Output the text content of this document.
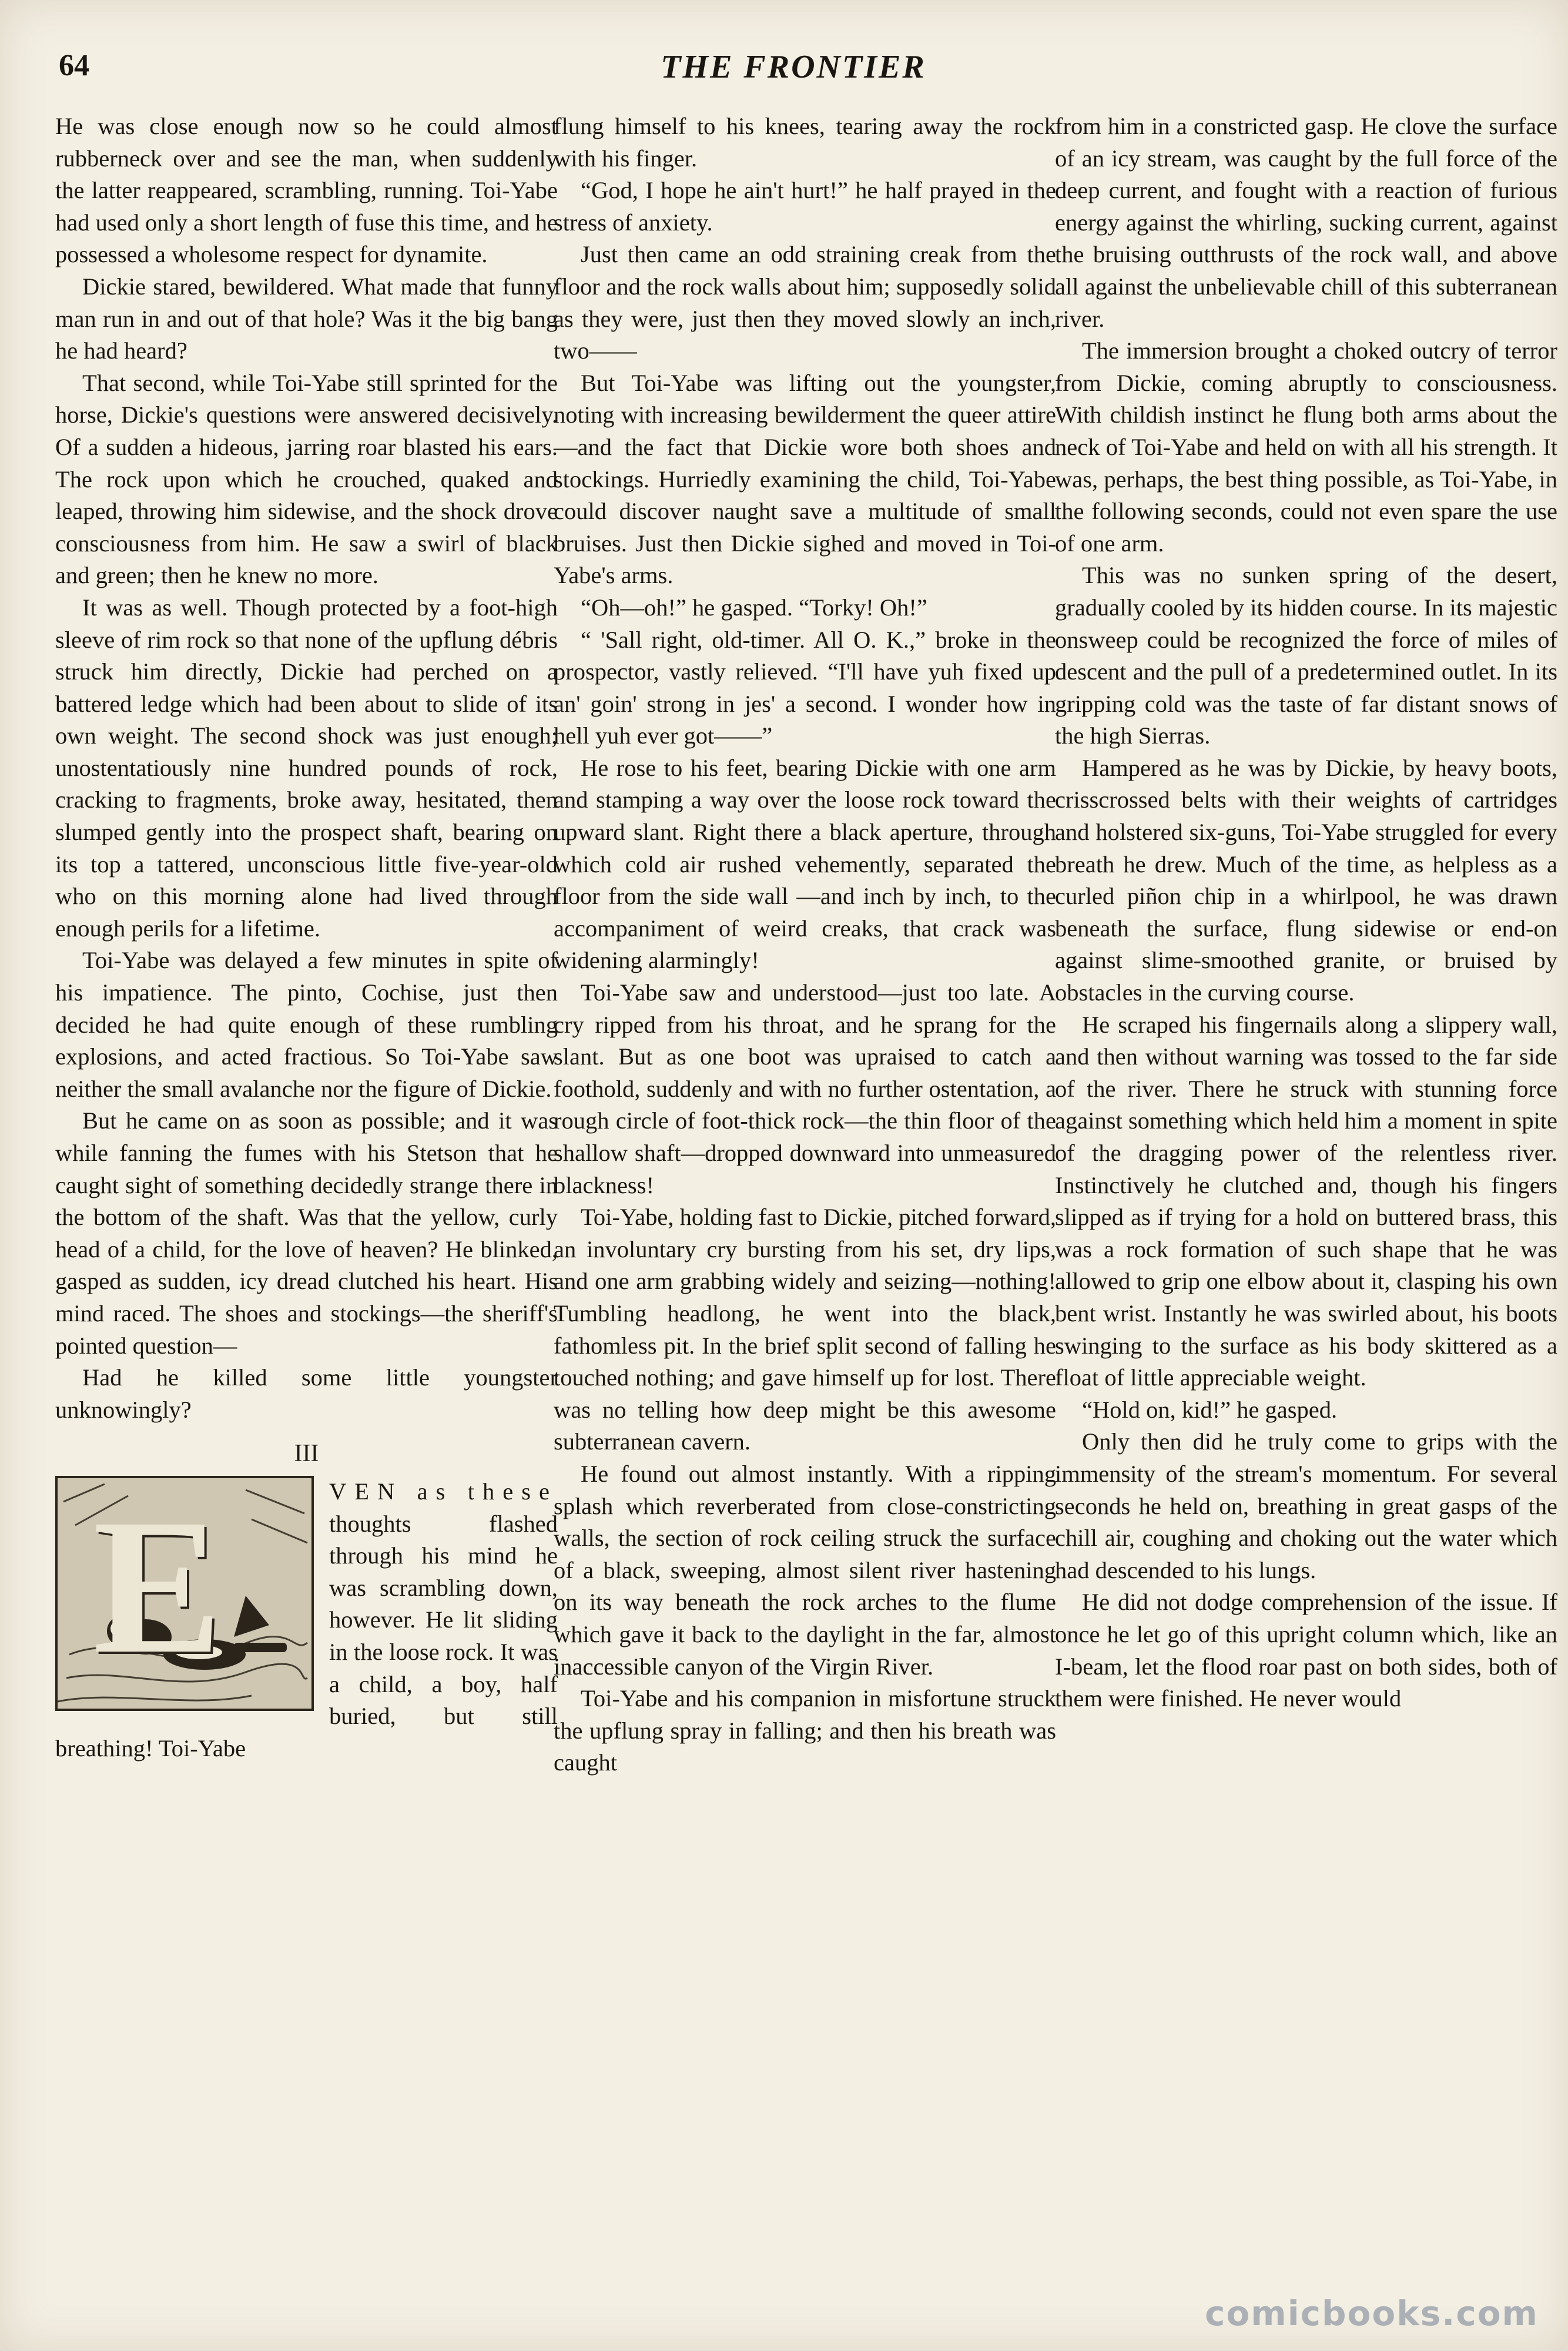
64	THE FRONTIER

He was close enough now so he could almost rubberneck over and see the man, when suddenly the latter reappeared, scrambling, running. Toi-Yabe had used only a short length of fuse this time, and he possessed a wholesome respect for dynamite.

Dickie stared, bewildered. What made that funny man run in and out of that hole? Was it the big bang he had heard?

That second, while Toi-Yabe still sprinted for the horse, Dickie's questions were answered decisively. Of a sudden a hideous, jarring roar blasted his ears. The rock upon which he crouched, quaked and leaped, throwing him sidewise, and the shock drove consciousness from him. He saw a swirl of black and green; then he knew no more.

It was as well. Though protected by a foot-high sleeve of rim rock so that none of the upflung débris struck him directly, Dickie had perched on a battered ledge which had been about to slide of its own weight. The second shock was just enough; unostentatiously nine hundred pounds of rock, cracking to fragments, broke away, hesitated, then slumped gently into the prospect shaft, bearing on its top a tattered, unconscious little five-year-old who on this morning alone had lived through enough perils for a lifetime.

Toi-Yabe was delayed a few minutes in spite of his impatience. The pinto, Cochise, just then decided he had quite enough of these rumbling explosions, and acted fractious. So Toi-Yabe saw neither the small avalanche nor the figure of Dickie.

But he came on as soon as possible; and it was while fanning the fumes with his Stetson that he caught sight of something decidedly strange there in the bottom of the shaft. Was that the yellow, curly head of a child, for the love of heaven? He blinked, gasped as sudden, icy dread clutched his heart. His mind raced. The shoes and stockings—the sheriff's pointed question—

Had he killed some little youngster unknowingly?

III
E	VEN as these thoughts flashed through his mind he was scrambling down, however. He lit sliding in the loose rock. It was a child, a boy, half buried, but still breathing! Toi-Yabe

flung himself to his knees, tearing away the rock with his finger.

“God, I hope he ain't hurt!” he half prayed in the stress of anxiety.

Just then came an odd straining creak from the floor and the rock walls about him; supposedly solid as they were, just then they moved slowly an inch, two——

But Toi-Yabe was lifting out the youngster, noting with increasing bewilderment the queer attire—and the fact that Dickie wore both shoes and stockings. Hurriedly examining the child, Toi-Yabe could discover naught save a multitude of small bruises. Just then Dickie sighed and moved in Toi-Yabe's arms.

“Oh—oh!” he gasped. “Torky! Oh!”

“ 'Sall right, old-timer. All O. K.,” broke in the prospector, vastly relieved. “I'll have yuh fixed up an' goin' strong in jes' a second. I wonder how in hell yuh ever got——”

He rose to his feet, bearing Dickie with one arm and stamping a way over the loose rock toward the upward slant. Right there a black aperture, through which cold air rushed vehemently, separated the floor from the side wall —and inch by inch, to the accompaniment of weird creaks, that crack was widening alarmingly!

Toi-Yabe saw and understood—just too late. A cry ripped from his throat, and he sprang for the slant. But as one boot was upraised to catch a foothold, suddenly and with no further ostentation, a rough circle of foot-thick rock—the thin floor of the shallow shaft—dropped downward into unmeasured blackness!

Toi-Yabe, holding fast to Dickie, pitched forward, an involuntary cry bursting from his set, dry lips, and one arm grabbing widely and seizing—nothing! Tumbling headlong, he went into the black, fathomless pit. In the brief split second of falling he touched nothing; and gave himself up for lost. There was no telling how deep might be this awesome subterranean cavern.

He found out almost instantly. With a ripping splash which reverberated from close-constricting walls, the section of rock ceiling struck the surface of a black, sweeping, almost silent river hastening on its way beneath the rock arches to the flume which gave it back to the daylight in the far, almost inaccessible canyon of the Virgin River.

Toi-Yabe and his companion in misfortune struck the upflung spray in falling; and then his breath was caught

from him in a constricted gasp. He clove the surface of an icy stream, was caught by the full force of the deep current, and fought with a reaction of furious energy against the whirling, sucking current, against the bruising outthrusts of the rock wall, and above all against the unbelievable chill of this subterranean river.

The immersion brought a choked outcry of terror from Dickie, coming abruptly to consciousness. With childish instinct he flung both arms about the neck of Toi-Yabe and held on with all his strength. It was, perhaps, the best thing possible, as Toi-Yabe, in the following seconds, could not even spare the use of one arm.

This was no sunken spring of the desert, gradually cooled by its hidden course. In its majestic onsweep could be recognized the force of miles of descent and the pull of a predetermined outlet. In its gripping cold was the taste of far distant snows of the high Sierras.

Hampered as he was by Dickie, by heavy boots, crisscrossed belts with their weights of cartridges and holstered six-guns, Toi-Yabe struggled for every breath he drew. Much of the time, as helpless as a curled piñon chip in a whirlpool, he was drawn beneath the surface, flung sidewise or end-on against slime-smoothed granite, or bruised by obstacles in the curving course.

He scraped his fingernails along a slippery wall, and then without warning was tossed to the far side of the river. There he struck with stunning force against something which held him a moment in spite of the dragging power of the relentless river. Instinctively he clutched and, though his fingers slipped as if trying for a hold on buttered brass, this was a rock formation of such shape that he was allowed to grip one elbow about it, clasping his own bent wrist. Instantly he was swirled about, his boots swinging to the surface as his body skittered as a float of little appreciable weight.

“Hold on, kid!” he gasped.

Only then did he truly come to grips with the immensity of the stream's momentum. For several seconds he held on, breathing in great gasps of the chill air, coughing and choking out the water which had descended to his lungs.

He did not dodge comprehension of the issue. If once he let go of this upright column which, like an I-beam, let the flood roar past on both sides, both of them were finished. He never would

comicbooks.com
